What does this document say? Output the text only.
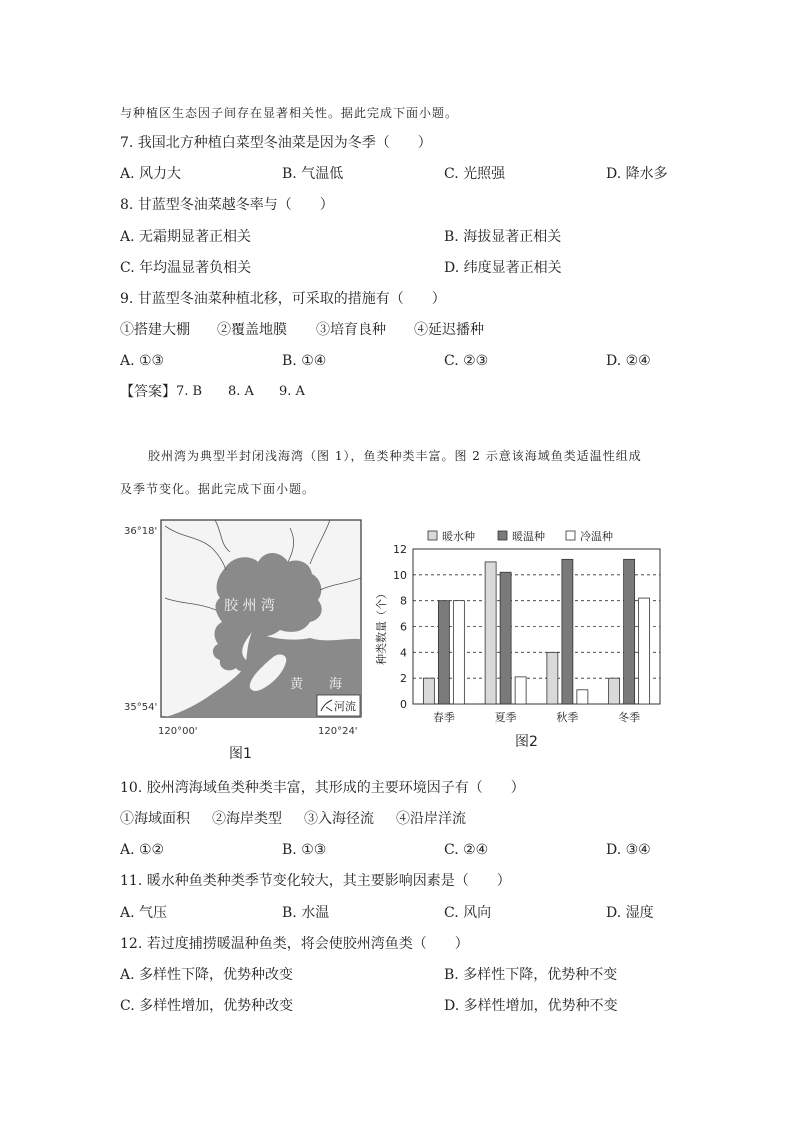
与种植区生态因子间存在显著相关性。据此完成下面小题。
7. 我国北方种植白菜型冬油菜是因为冬季（　　）
A. 风力大	B. 气温低	C. 光照强	D. 降水多
8. 甘蓝型冬油菜越冬率与（　　）
A. 无霜期显著正相关	B. 海拔显著正相关
C. 年均温显著负相关	D. 纬度显著正相关
9. 甘蓝型冬油菜种植北移，可采取的措施有（　　）
①搭建大棚 ②覆盖地膜 ③培育良种 ④延迟播种
A. ①③	B. ①④	C. ②③	D. ②④
【答案】 7. B 8. A 9. A
胶州湾为典型半封闭浅海湾（图 1），鱼类种类丰富。图 2 示意该海域鱼类适温性组成
及季节变化。据此完成下面小题。
胶 州 湾
黄　　海
河流
36°18'
35°54'
120°00'	120°24'
图1
0
2
4
6
8
10
12
种类数量（个）
春季	夏季	秋季	冬季
暖水种	暖温种	冷温种
图2
10. 胶州湾海域鱼类种类丰富，其形成的主要环境因子有（　　）
①海域面积 ②海岸类型 ③入海径流 ④沿岸洋流
A. ①②	B. ①③	C. ②④	D. ③④
11. 暖水种鱼类种类季节变化较大，其主要影响因素是（　　）
A. 气压	B. 水温	C. 风向	D. 湿度
12. 若过度捕捞暖温种鱼类，将会使胶州湾鱼类（　　）
A. 多样性下降，优势种改变	B. 多样性下降，优势种不变
C. 多样性增加，优势种改变	D. 多样性增加，优势种不变
